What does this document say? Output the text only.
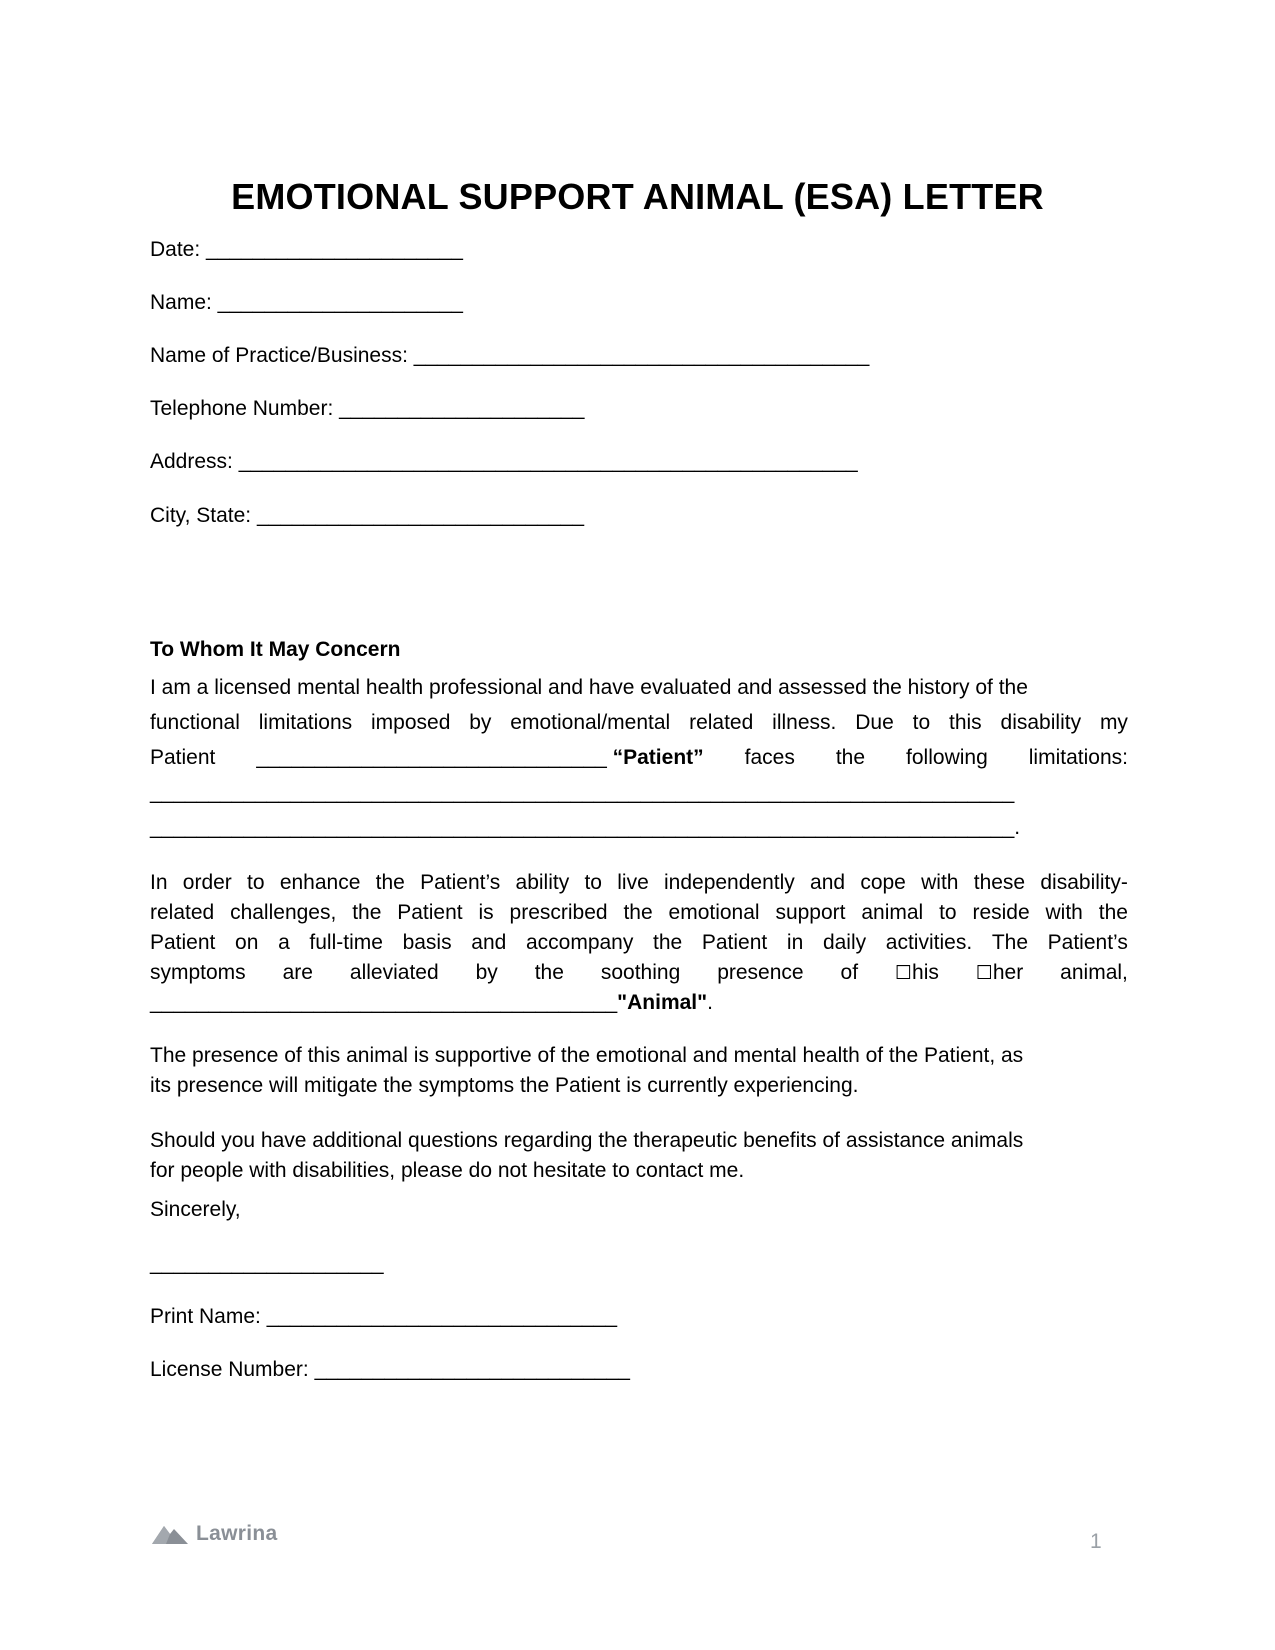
EMOTIONAL SUPPORT ANIMAL (ESA) LETTER
Date: ______________________
Name: _____________________
Name of Practice/Business: _______________________________________
Telephone Number: _____________________
Address: _____________________________________________________
City, State: ____________________________
To Whom It May Concern
I am a licensed mental health professional and have evaluated and assessed the history of the
functional limitations imposed by emotional/mental related illness. Due to this disability my
Patient ______________________________ “Patient” faces the following limitations:
__________________________________________________________________________
__________________________________________________________________________.
In order to enhance the Patient’s ability to live independently and cope with these disability-
related challenges, the Patient is prescribed the emotional support animal to reside with the
Patient on a full-time basis and accompany the Patient in daily activities. The Patient’s
symptoms are alleviated by the soothing presence of ☐his ☐her animal,
________________________________________"Animal".
The presence of this animal is supportive of the emotional and mental health of the Patient, as
its presence will mitigate the symptoms the Patient is currently experiencing.
Should you have additional questions regarding the therapeutic benefits of assistance animals
for people with disabilities, please do not hesitate to contact me.
Sincerely,
____________________
Print Name: ______________________________
License Number: ___________________________
Lawrina	1
